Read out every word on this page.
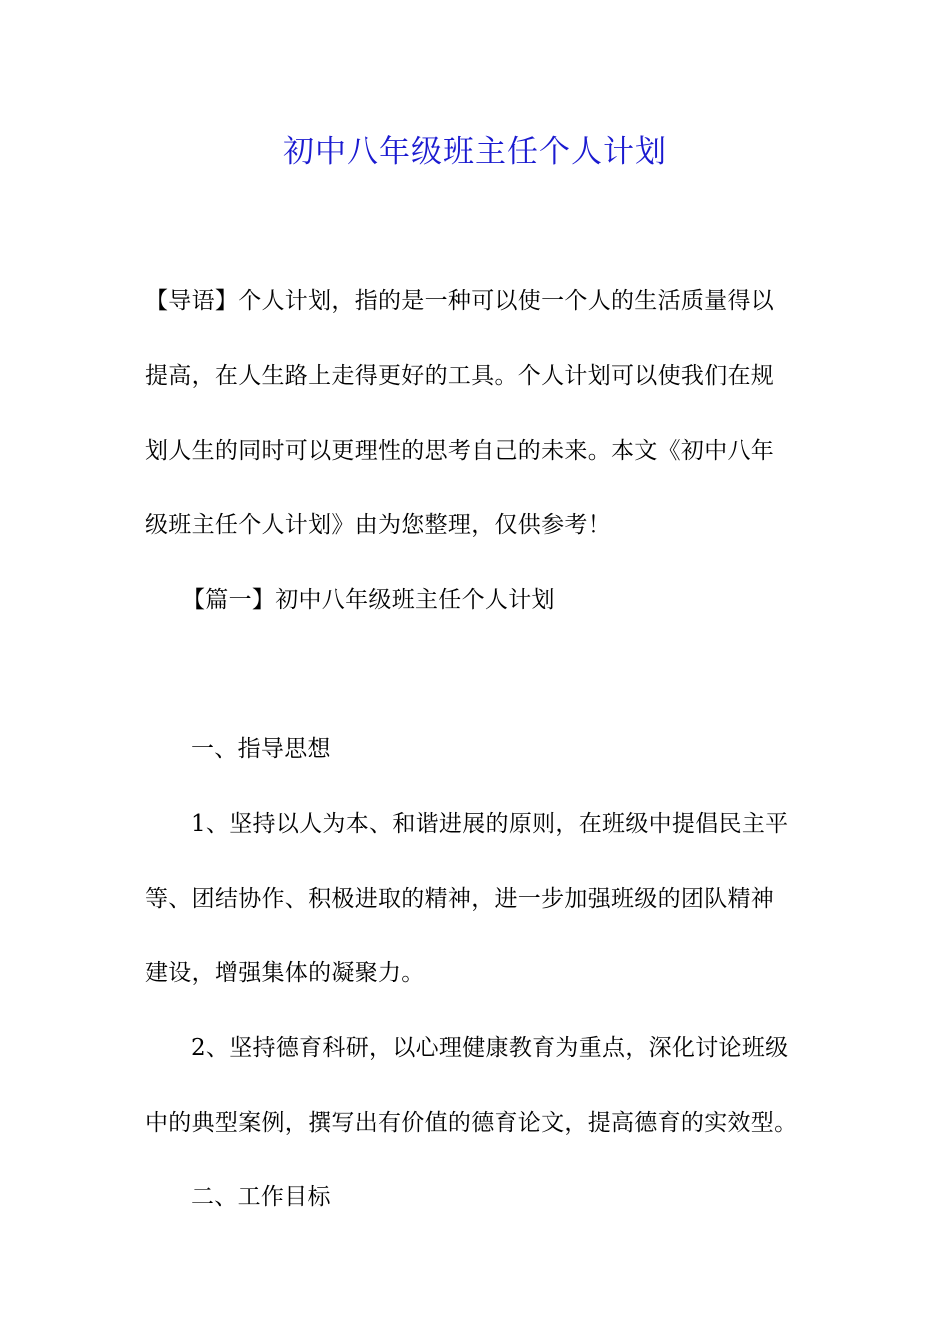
初中八年级班主任个人计划
【导语】个人计划，指的是一种可以使一个人的生活质量得以
提高，在人生路上走得更好的工具。个人计划可以使我们在规
划人生的同时可以更理性的思考自己的未来。本文《初中八年
级班主任个人计划》由为您整理，仅供参考！
【篇一】初中八年级班主任个人计划
一、指导思想
1、坚持以人为本、和谐进展的原则，在班级中提倡民主平
等、团结协作、积极进取的精神，进一步加强班级的团队精神
建设，增强集体的凝聚力。
2、坚持德育科研，以心理健康教育为重点，深化讨论班级
中的典型案例，撰写出有价值的德育论文，提高德育的实效型。
二、工作目标
